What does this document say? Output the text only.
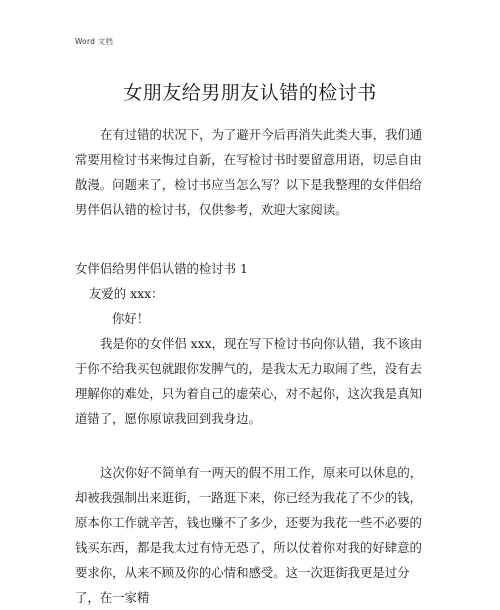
Word 文档
女朋友给男朋友认错的检讨书

在有过错的状况下，为了避开今后再消失此类大事，我们通常要用检讨书来悔过自新，在写检讨书时要留意用语，切忌自由散漫。问题来了，检讨书应当怎么写？以下是我整理的女伴侣给男伴侣认错的检讨书，仅供参考，欢迎大家阅读。

女伴侣给男伴侣认错的检讨书 1

友爱的 xxx：

你好！

我是你的女伴侣 xxx，现在写下检讨书向你认错，我不该由于你不给我买包就跟你发脾气的，是我太无力取闹了些，没有去理解你的难处，只为着自己的虚荣心，对不起你，这次我是真知道错了，愿你原谅我回到我身边。

这次你好不简单有一两天的假不用工作，原来可以休息的，却被我强制出来逛街，一路逛下来，你已经为我花了不少的钱，原本你工作就辛苦，钱也赚不了多少，还要为我花一些不必要的钱买东西，都是我太过有恃无恐了，所以仗着你对我的好肆意的要求你，从来不顾及你的心情和感受。这一次逛街我更是过分了，在一家精
